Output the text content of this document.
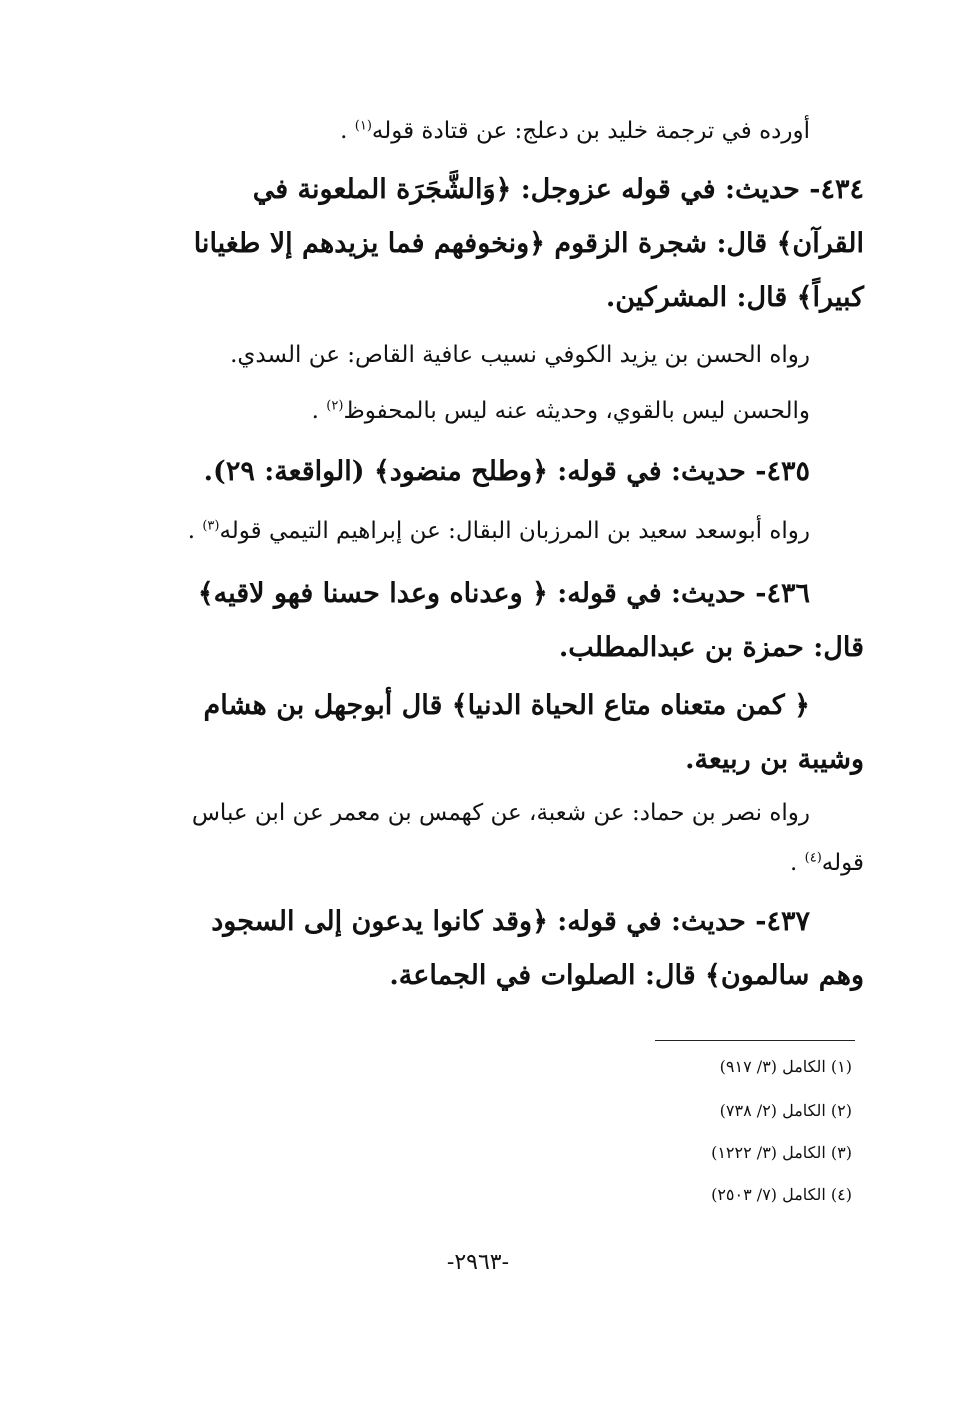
أورده في ترجمة خليد بن دعلج: عن قتادة قوله$^{(١)}$ .
٤٣٤- حديث: في قوله عزوجل: ﴿وَالشَّجَرَة الملعونة في
القرآن﴾ قال: شجرة الزقوم ﴿ونخوفهم فما يزيدهم إلا طغيانا
كبيراً﴾ قال: المشركين.
رواه الحسن بن يزيد الكوفي نسيب عافية القاص: عن السدي.
والحسن ليس بالقوي، وحديثه عنه ليس بالمحفوظ$^{(٢)}$ .
٤٣٥- حديث: في قوله: ﴿وطلح منضود﴾ (الواقعة: ٢٩).
رواه أبوسعد سعيد بن المرزبان البقال: عن إبراهيم التيمي قوله$^{(٣)}$ .
٤٣٦- حديث: في قوله: ﴿ وعدناه وعدا حسنا فهو لاقيه﴾
قال: حمزة بن عبدالمطلب.
﴿ كمن متعناه متاع الحياة الدنيا﴾ قال أبوجهل بن هشام
وشيبة بن ربيعة.
رواه نصر بن حماد: عن شعبة، عن كهمس بن معمر عن ابن عباس
قوله$^{(٤)}$ .
٤٣٧- حديث: في قوله: ﴿وقد كانوا يدعون إلى السجود
وهم سالمون﴾ قال: الصلوات في الجماعة.
(١) الكامل (٣/ ٩١٧)
(٢) الكامل (٢/ ٧٣٨)
(٣) الكامل (٣/ ١٢٢٢)
(٤) الكامل (٧/ ٢٥٠٣)
-٢٩٦٣-
